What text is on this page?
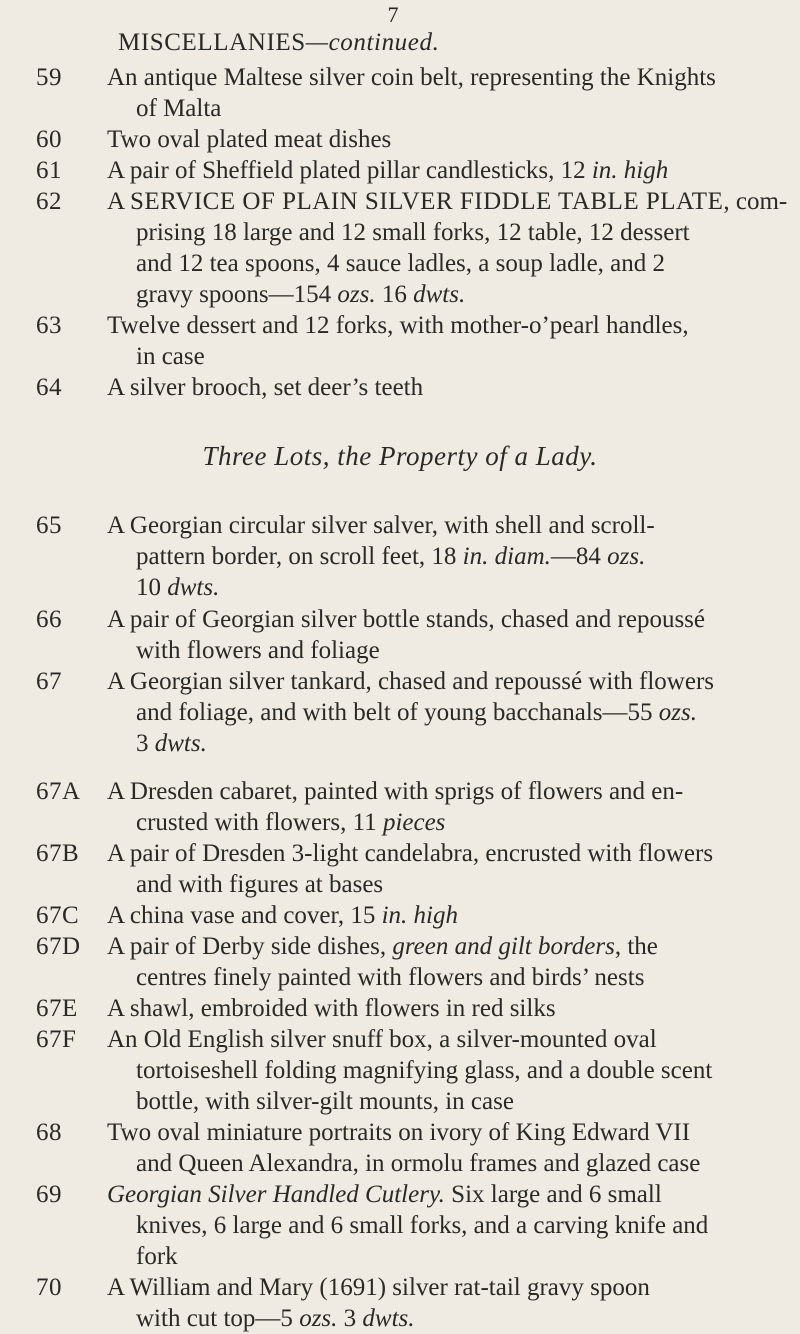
7
MISCELLANIES—continued.
59	An antique Maltese silver coin belt, representing the Knights
of Malta
60	Two oval plated meat dishes
61	A pair of Sheffield plated pillar candlesticks, 12 in. high
62	A SERVICE OF PLAIN SILVER FIDDLE TABLE PLATE, com-
prising 18 large and 12 small forks, 12 table, 12 dessert
and 12 tea spoons, 4 sauce ladles, a soup ladle, and 2
gravy spoons—154 ozs. 16 dwts.
63	Twelve dessert and 12 forks, with mother-o’pearl handles,
in case
64	A silver brooch, set deer’s teeth
Three Lots, the Property of a Lady.
65	A Georgian circular silver salver, with shell and scroll-
pattern border, on scroll feet, 18 in. diam.—84 ozs.
10 dwts.
66	A pair of Georgian silver bottle stands, chased and repoussé
with flowers and foliage
67	A Georgian silver tankard, chased and repoussé with flowers
and foliage, and with belt of young bacchanals—55 ozs.
3 dwts.
67A	A Dresden cabaret, painted with sprigs of flowers and en-
crusted with flowers, 11 pieces
67B	A pair of Dresden 3-light candelabra, encrusted with flowers
and with figures at bases
67C	A china vase and cover, 15 in. high
67D	A pair of Derby side dishes, green and gilt borders, the
centres finely painted with flowers and birds’ nests
67E	A shawl, embroided with flowers in red silks
67F	An Old English silver snuff box, a silver-mounted oval
tortoiseshell folding magnifying glass, and a double scent
bottle, with silver-gilt mounts, in case
68	Two oval miniature portraits on ivory of King Edward VII
and Queen Alexandra, in ormolu frames and glazed case
69	Georgian Silver Handled Cutlery. Six large and 6 small
knives, 6 large and 6 small forks, and a carving knife and
fork
70	A William and Mary (1691) silver rat-tail gravy spoon
with cut top—5 ozs. 3 dwts.
